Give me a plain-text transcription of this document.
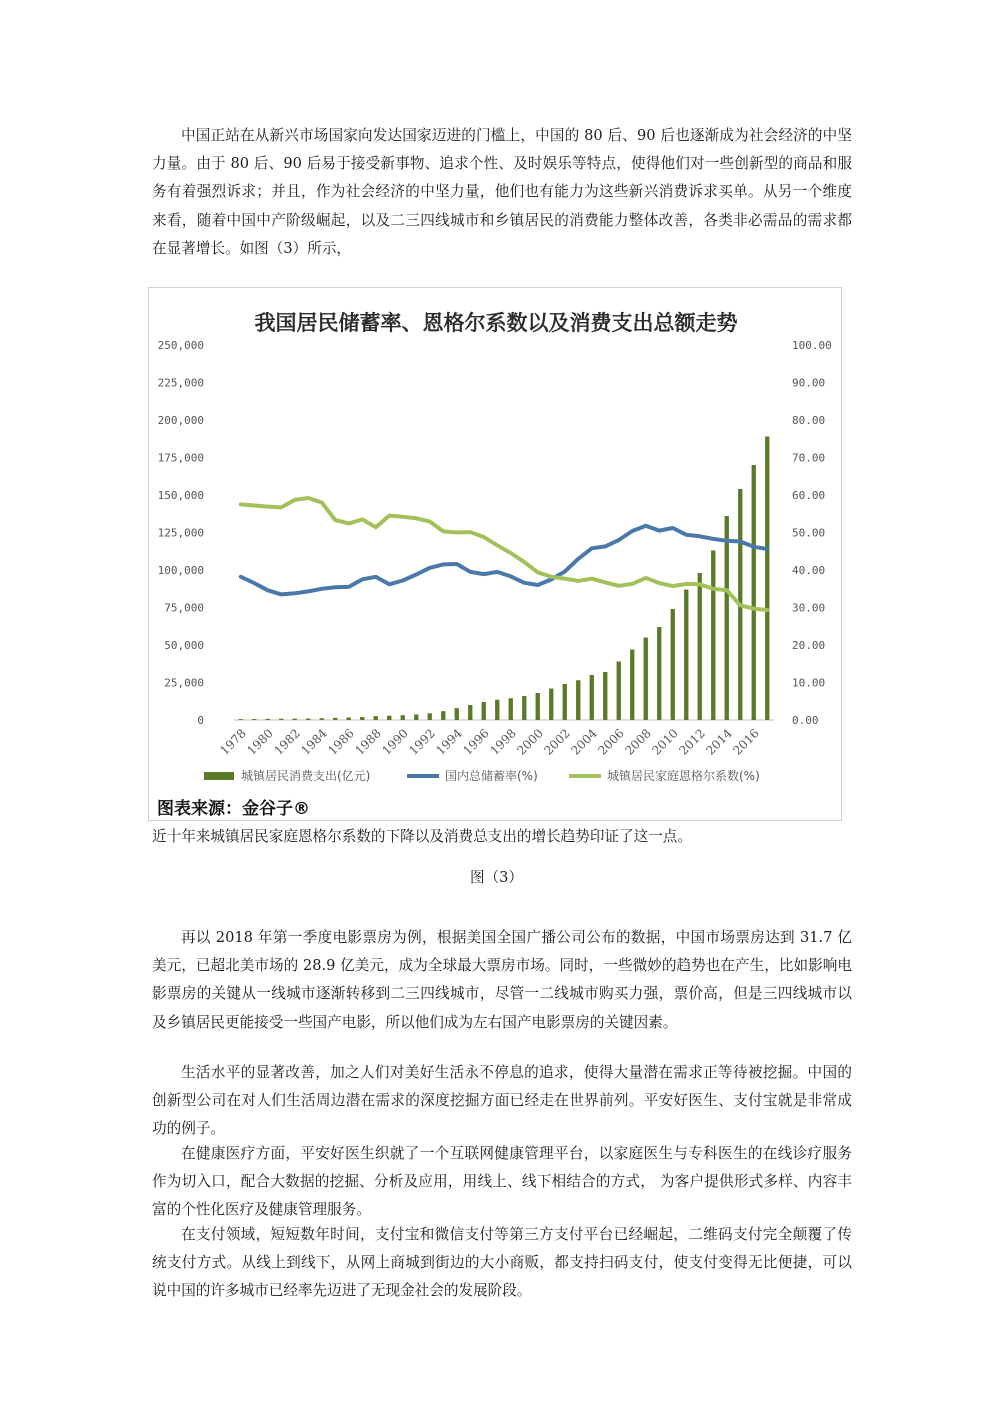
中国正站在从新兴市场国家向发达国家迈进的门槛上，中国的 80 后、90 后也逐渐成为社会经济的中坚力量。由于 80 后、90 后易于接受新事物、追求个性、及时娱乐等特点，使得他们对一些创新型的商品和服务有着强烈诉求；并且，作为社会经济的中坚力量，他们也有能力为这些新兴消费诉求买单。从另一个维度来看，随着中国中产阶级崛起，以及二三四线城市和乡镇居民的消费能力整体改善，各类非必需品的需求都在显著增长。如图（3）所示，

我国居民储蓄率、恩格尔系数以及消费支出总额走势
0
25,000
50,000
75,000
100,000
125,000
150,000
175,000
200,000
225,000
250,000
0.00
10.00
20.00
30.00
40.00
50.00
60.00
70.00
80.00
90.00
100.00
1978
1980
1982
1984
1986
1988
1990
1992
1994
1996
1998
2000
2002
2004
2006
2008
2010
2012
2014
2016
城镇居民消费支出(亿元)	国内总储蓄率(%)	城镇居民家庭恩格尔系数(%)
图表来源：金谷子®

近十年来城镇居民家庭恩格尔系数的下降以及消费总支出的增长趋势印证了这一点。

图（3）

再以 2018 年第一季度电影票房为例，根据美国全国广播公司公布的数据，中国市场票房达到 31.7 亿美元，已超北美市场的 28.9 亿美元，成为全球最大票房市场。同时，一些微妙的趋势也在产生，比如影响电影票房的关键从一线城市逐渐转移到二三四线城市，尽管一二线城市购买力强，票价高，但是三四线城市以及乡镇居民更能接受一些国产电影，所以他们成为左右国产电影票房的关键因素。

生活水平的显著改善，加之人们对美好生活永不停息的追求，使得大量潜在需求正等待被挖掘。中国的创新型公司在对人们生活周边潜在需求的深度挖掘方面已经走在世界前列。平安好医生、支付宝就是非常成功的例子。

在健康医疗方面，平安好医生织就了一个互联网健康管理平台，以家庭医生与专科医生的在线诊疗服务作为切入口，配合大数据的挖掘、分析及应用，用线上、线下相结合的方式， 为客户提供形式多样、内容丰富的个性化医疗及健康管理服务。

在支付领域，短短数年时间，支付宝和微信支付等第三方支付平台已经崛起，二维码支付完全颠覆了传统支付方式。从线上到线下，从网上商城到街边的大小商贩，都支持扫码支付，使支付变得无比便捷，可以说中国的许多城市已经率先迈进了无现金社会的发展阶段。
